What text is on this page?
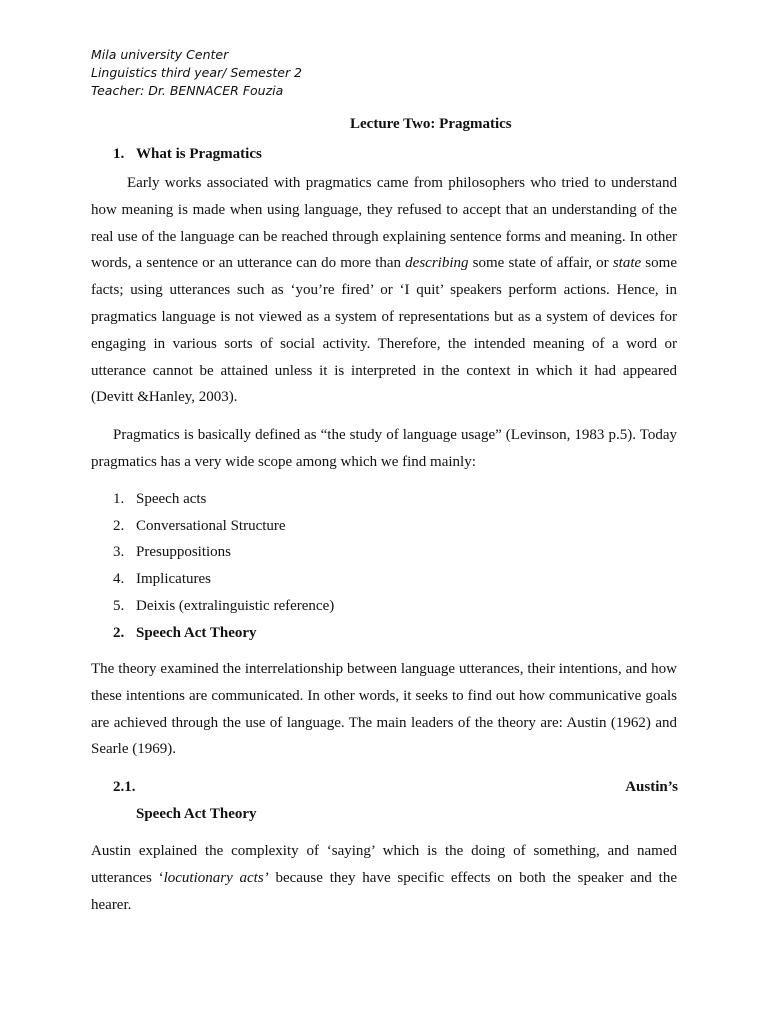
Mila university Center
Linguistics third year/ Semester 2
Teacher: Dr. BENNACER Fouzia
Lecture Two: Pragmatics
1. What is Pragmatics

Early works associated with pragmatics came from philosophers who tried to understand how meaning is made when using language, they refused to accept that an understanding of the real use of the language can be reached through explaining sentence forms and meaning. In other words, a sentence or an utterance can do more than describing some state of affair, or state some facts; using utterances such as ‘you’re fired’ or ‘I quit’ speakers perform actions. Hence, in pragmatics language is not viewed as a system of representations but as a system of devices for engaging in various sorts of social activity. Therefore, the intended meaning of a word or utterance cannot be attained unless it is interpreted in the context in which it had appeared (Devitt &Hanley, 2003).

Pragmatics is basically defined as “the study of language usage” (Levinson, 1983 p.5). Today pragmatics has a very wide scope among which we find mainly:

1. Speech acts
2. Conversational Structure
3. Presuppositions
4. Implicatures
5. Deixis (extralinguistic reference)
2. Speech Act Theory

The theory examined the interrelationship between language utterances, their intentions, and how these intentions are communicated. In other words, it seeks to find out how communicative goals are achieved through the use of language. The main leaders of the theory are: Austin (1962) and Searle (1969).

2.1.	Austin’s
Speech Act Theory

Austin explained the complexity of ‘saying’ which is the doing of something, and named utterances ‘locutionary acts’ because they have specific effects on both the speaker and the hearer.
